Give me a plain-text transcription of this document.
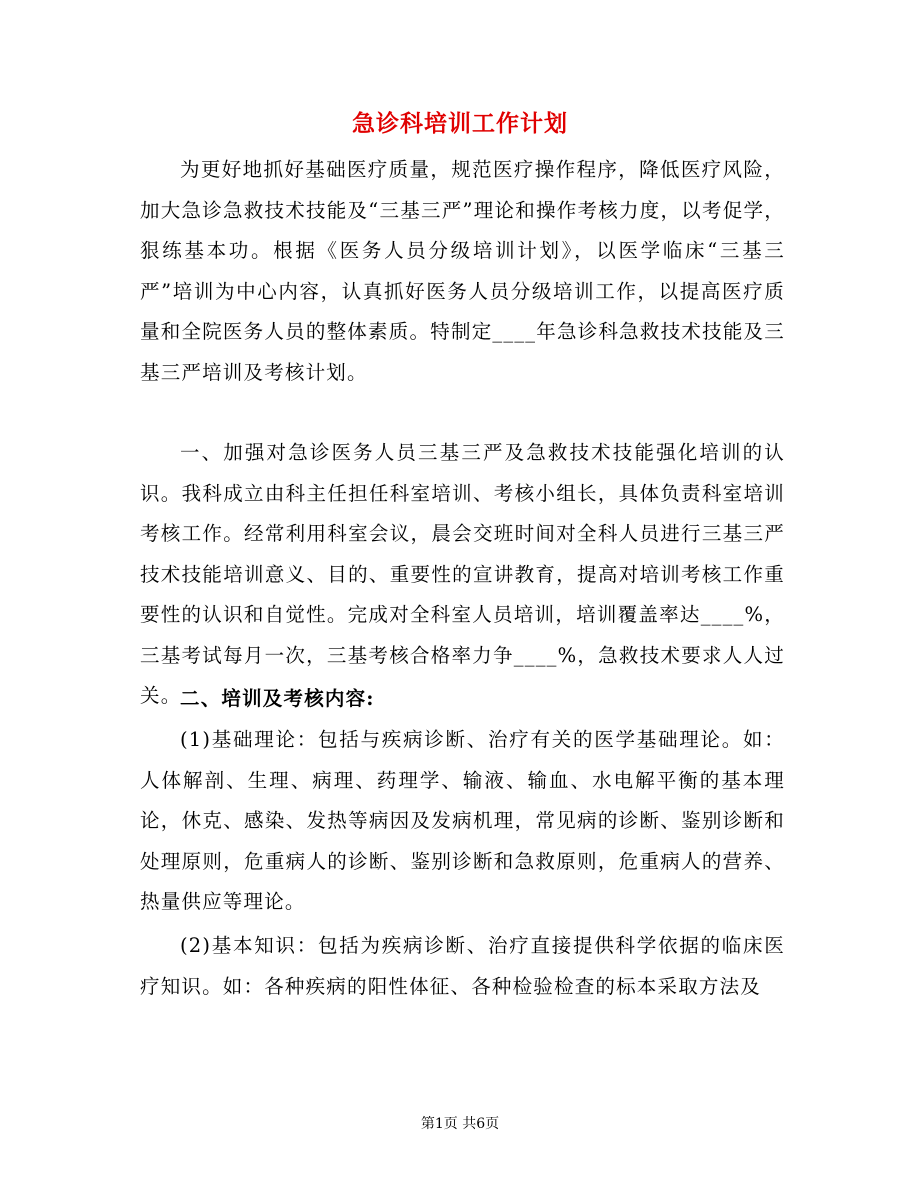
急诊科培训工作计划

为更好地抓好基础医疗质量，规范医疗操作程序，降低医疗风险，加大急诊急救技术技能及“三基三严”理论和操作考核力度，以考促学，狠练基本功。根据《医务人员分级培训计划》，以医学临床“三基三严”培训为中心内容，认真抓好医务人员分级培训工作，以提高医疗质量和全院医务人员的整体素质。特制定____年急诊科急救技术技能及三基三严培训及考核计划。

一、加强对急诊医务人员三基三严及急救技术技能强化培训的认识。我科成立由科主任担任科室培训、考核小组长，具体负责科室培训考核工作。经常利用科室会议，晨会交班时间对全科人员进行三基三严技术技能培训意义、目的、重要性的宣讲教育，提高对培训考核工作重要性的认识和自觉性。完成对全科室人员培训，培训覆盖率达____%，三基考试每月一次，三基考核合格率力争____%，急救技术要求人人过关。

二、培训及考核内容:

(1)基础理论：包括与疾病诊断、治疗有关的医学基础理论。如：人体解剖、生理、病理、药理学、输液、输血、水电解平衡的基本理论，休克、感染、发热等病因及发病机理，常见病的诊断、鉴别诊断和处理原则，危重病人的诊断、鉴别诊断和急救原则，危重病人的营养、热量供应等理论。

(2)基本知识：包括为疾病诊断、治疗直接提供科学依据的临床医疗知识。如：各种疾病的阳性体征、各种检验检查的标本采取方法及

第1页 共6页
